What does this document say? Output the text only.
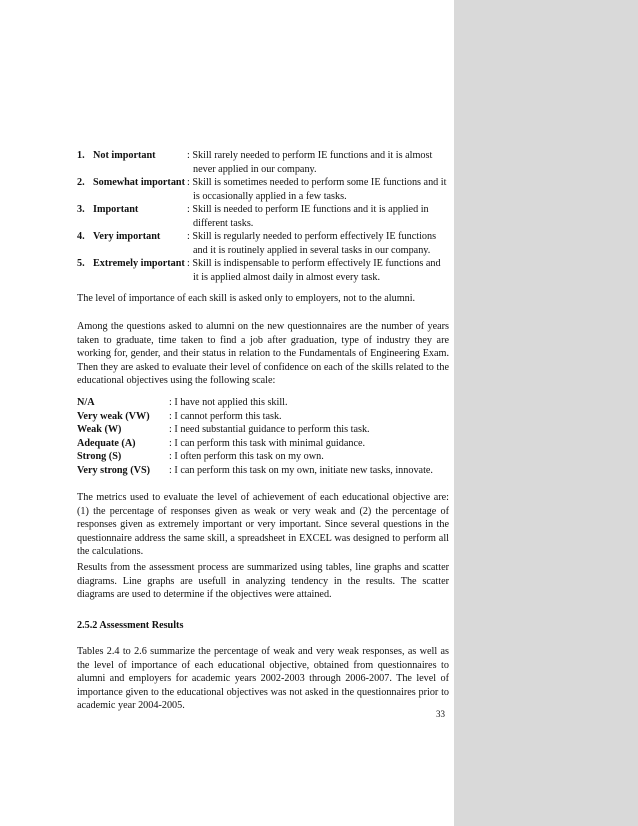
1. Not important	: Skill rarely needed to perform IE functions and it is almost
never applied in our company.
2. Somewhat important : Skill is sometimes needed to perform some IE functions and it
is occasionally applied in a few tasks.
3. Important	: Skill is needed to perform IE functions and it is applied in
different tasks.
4. Very important	: Skill is regularly needed to perform effectively IE functions
and it is routinely applied in several tasks in our company.
5. Extremely important : Skill is indispensable to perform effectively IE functions and
it is applied almost daily in almost every task.

The level of importance of each skill is asked only to employers, not to the alumni.

Among the questions asked to alumni on the new questionnaires are the number of years taken to graduate, time taken to find a job after graduation, type of industry they are working for, gender, and their status in relation to the Fundamentals of Engineering Exam. Then they are asked to evaluate their level of confidence on each of the skills related to the educational objectives using the following scale:

N/A	: I have not applied this skill.
Very weak (VW) : I cannot perform this task.
Weak (W)	: I need substantial guidance to perform this task.
Adequate (A)	: I can perform this task with minimal guidance.
Strong (S)	: I often perform this task on my own.
Very strong (VS) : I can perform this task on my own, initiate new tasks, innovate.

The metrics used to evaluate the level of achievement of each educational objective are: (1) the percentage of responses given as weak or very weak and (2) the percentage of responses given as extremely important or very important. Since several questions in the questionnaire address the same skill, a spreadsheet in EXCEL was designed to perform all the calculations.

Results from the assessment process are summarized using tables, line graphs and scatter diagrams. Line graphs are usefull in analyzing tendency in the results. The scatter diagrams are used to determine if the objectives were attained.

2.5.2 Assessment Results

Tables 2.4 to 2.6 summarize the percentage of weak and very weak responses, as well as the level of importance of each educational objective, obtained from questionnaires to alumni and employers for academic years 2002-2003 through 2006-2007. The level of importance given to the educational objectives was not asked in the questionnaires prior to academic year 2004-2005.

33
